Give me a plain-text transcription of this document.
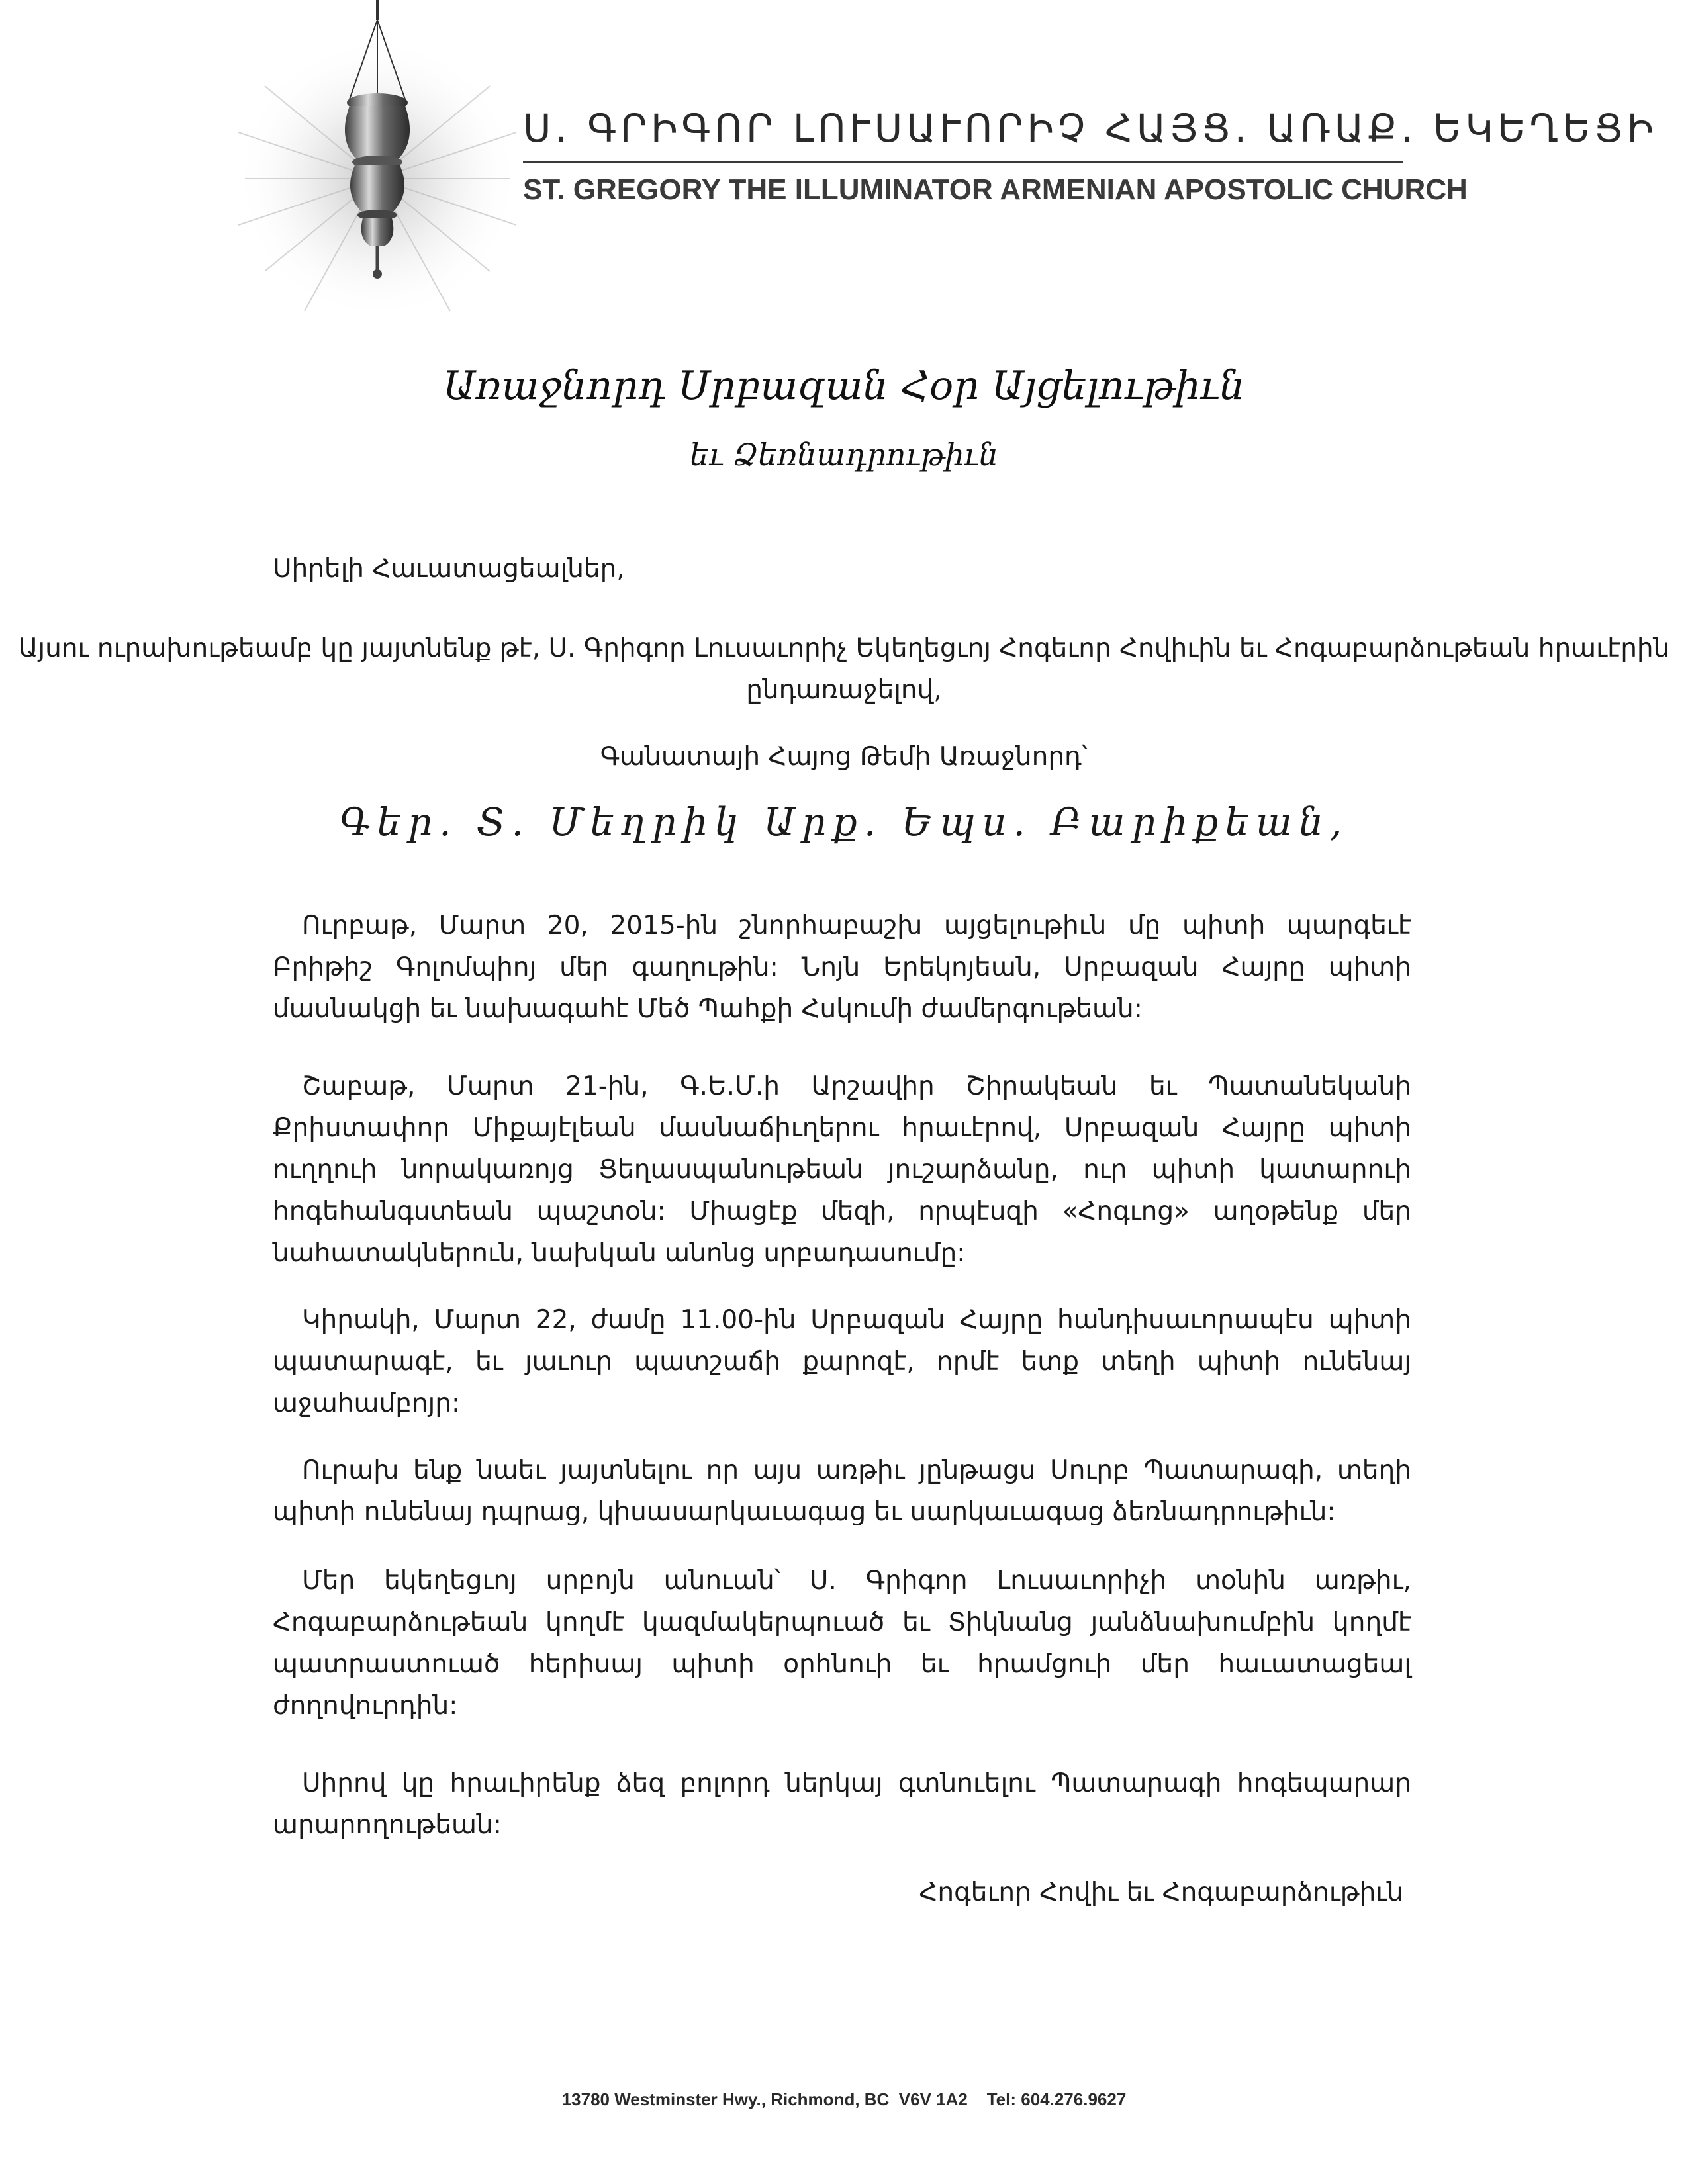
Ս. ԳՐԻԳՈՐ ԼՈՒՍԱՒՈՐԻՉ ՀԱՅՑ. ԱՌԱՔ. ԵԿԵՂԵՑԻ
ST. GREGORY THE ILLUMINATOR ARMENIAN APOSTOLIC CHURCH
Առաջնորդ Սրբազան Հօր Այցելութիւն
եւ Ձեռնադրութիւն
Սիրելի Հաւատացեալներ,
Այսու ուրախութեամբ կը յայտնենք թէ, Ս. Գրիգոր Լուսաւորիչ Եկեղեցւոյ Հոգեւոր Հովիւին եւ Հոգաբարձութեան հրաւէրին ընդառաջելով,
Գանատայի Հայոց Թեմի Առաջնորդ՝
Գեր. Տ. Մեղրիկ Արք. Եպս. Բարիքեան,
Ուրբաթ, Մարտ 20, 2015-ին շնորհաբաշխ այցելութիւն մը պիտի պարգեւէ Բրիթիշ Գոլոմպիոյ մեր գաղութին: Նոյն Երեկոյեան, Սրբազան Հայրը պիտի մասնակցի եւ նախագահէ Մեծ Պահքի Հսկումի ժամերգութեան:
Շաբաթ, Մարտ 21-ին, Գ.Ե.Մ.ի Արշավիր Շիրակեան եւ Պատանեկանի Քրիստափոր Միքայէլեան մասնաճիւղերու հրաւէրով, Սրբազան Հայրը պիտի ուղղուի նորակառոյց Ցեղասպանութեան յուշարձանը, ուր պիտի կատարուի հոգեհանգստեան պաշտօն: Միացէք մեզի, որպէսզի «Հոգւոց» աղօթենք մեր նահատակներուն, նախկան անոնց սրբադասումը:
Կիրակի, Մարտ 22, ժամը 11.00-ին Սրբազան Հայրը հանդիսաւորապէս պիտի պատարագէ, եւ յաւուր պատշաճի քարոզէ, որմէ ետք տեղի պիտի ունենայ աջահամբոյր:
Ուրախ ենք նաեւ յայտնելու որ այս առթիւ յընթացս Սուրբ Պատարագի, տեղի պիտի ունենայ դպրաց, կիսասարկաւագաց եւ սարկաւագաց ձեռնադրութիւն:
Մեր եկեղեցւոյ սրբոյն անուան՝ Ս. Գրիգոր Լուսաւորիչի տօնին առթիւ, Հոգաբարձութեան կողմէ կազմակերպուած եւ Տիկնանց յանձնախումբին կողմէ պատրաստուած հերիսայ պիտի օրհնուի եւ հրամցուի մեր հաւատացեալ ժողովուրդին:
Սիրով կը հրաւիրենք ձեզ բոլորդ ներկայ գտնուելու Պատարագի հոգեպարար արարողութեան:
Հոգեւոր Հովիւ եւ Հոգաբարձութիւն
13780 Westminster Hwy., Richmond, BC  V6V 1A2    Tel: 604.276.9627
